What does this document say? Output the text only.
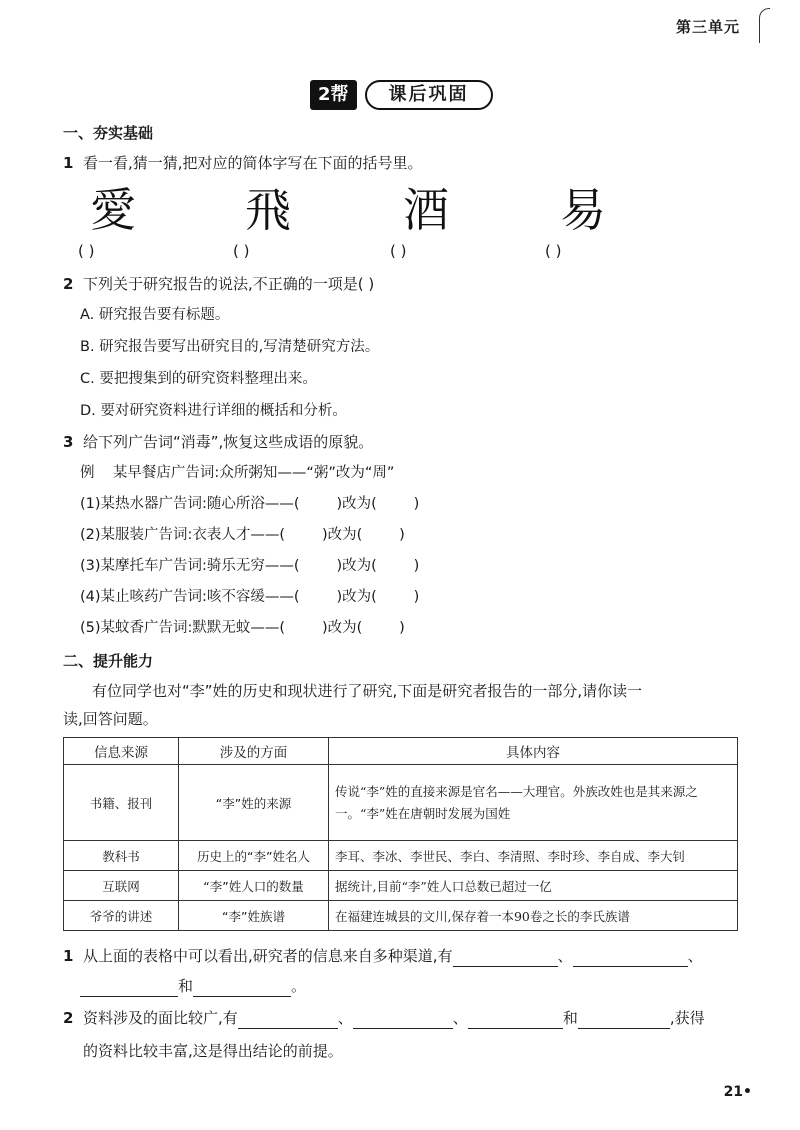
第三单元
2帮	课后巩固
一、夯实基础
1 看一看,猜一猜,把对应的简体字写在下面的括号里。
愛 飛 酒 易
( )	( )	( )	( )
2 下列关于研究报告的说法,不正确的一项是( )
A. 研究报告要有标题。
B. 研究报告要写出研究目的,写清楚研究方法。
C. 要把搜集到的研究资料整理出来。
D. 要对研究资料进行详细的概括和分析。
3 给下列广告词“消毒”,恢复这些成语的原貌。
例    某早餐店广告词:众所粥知——“粥”改为“周”
(1)某热水器广告词:随心所浴——(        )改为(        )
(2)某服装广告词:衣表人才——(        )改为(        )
(3)某摩托车广告词:骑乐无穷——(        )改为(        )
(4)某止咳药广告词:咳不容缓——(        )改为(        )
(5)某蚊香广告词:默默无蚊——(        )改为(        )
二、提升能力
有位同学也对“李”姓的历史和现状进行了研究,下面是研究者报告的一部分,请你读一
读,回答问题。
信息来源	涉及的方面	具体内容
书籍、报刊	“李”姓的来源	传说“李”姓的直接来源是官名——大理官。外族改姓也是其来源之一。“李”姓在唐朝时发展为国姓
教科书	历史上的“李”姓名人	李耳、李冰、李世民、李白、李清照、李时珍、李自成、李大钊
互联网	“李”姓人口的数量	据统计,目前“李”姓人口总数已超过一亿
爷爷的讲述	“李”姓族谱	在福建连城县的文川,保存着一本90卷之长的李氏族谱
1 从上面的表格中可以看出,研究者的信息来自多种渠道,有	、	、
和	。
2 资料涉及的面比较广,有	、	、	和	,获得
的资料比较丰富,这是得出结论的前提。
21•
